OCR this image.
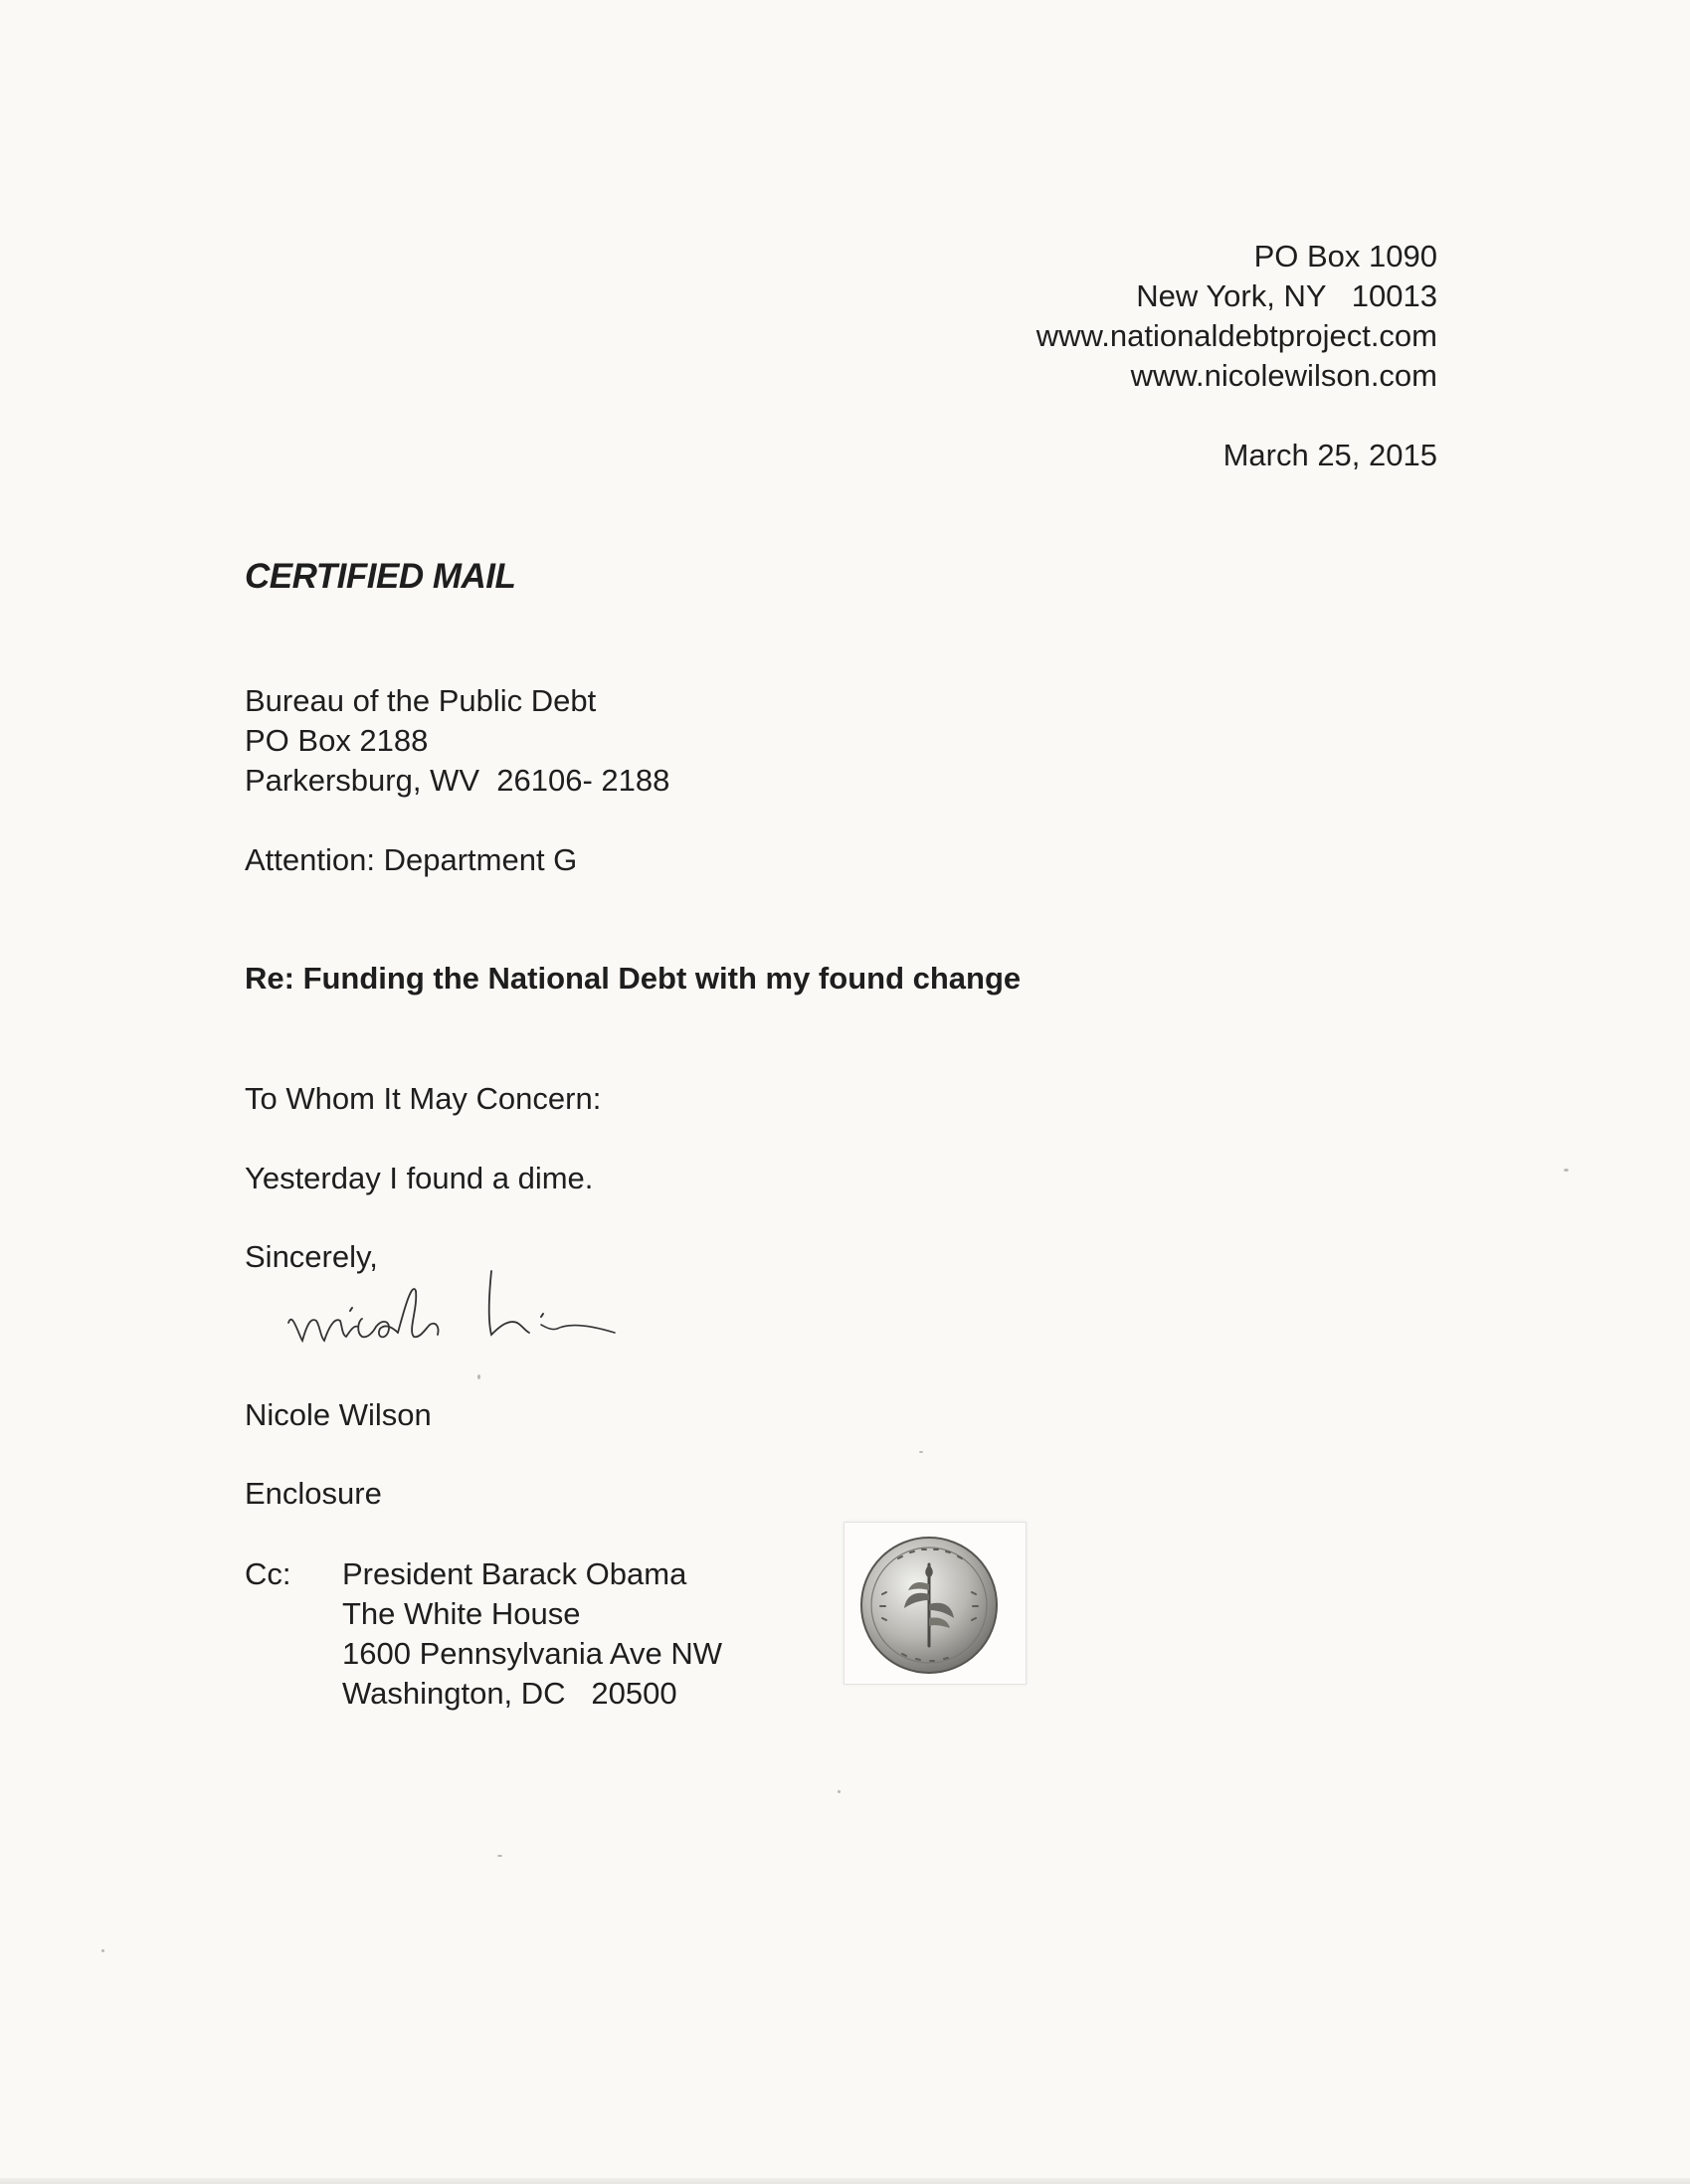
PO Box 1090
New York, NY   10013
www.nationaldebtproject.com
www.nicolewilson.com
March 25, 2015
CERTIFIED MAIL
Bureau of the Public Debt
PO Box 2188
Parkersburg, WV  26106- 2188
Attention: Department G
Re: Funding the National Debt with my found change
To Whom It May Concern:
Yesterday I found a dime.
Sincerely,
Nicole Wilson
Enclosure
Cc: President Barack Obama
The White House
1600 Pennsylvania Ave NW
Washington, DC   20500
